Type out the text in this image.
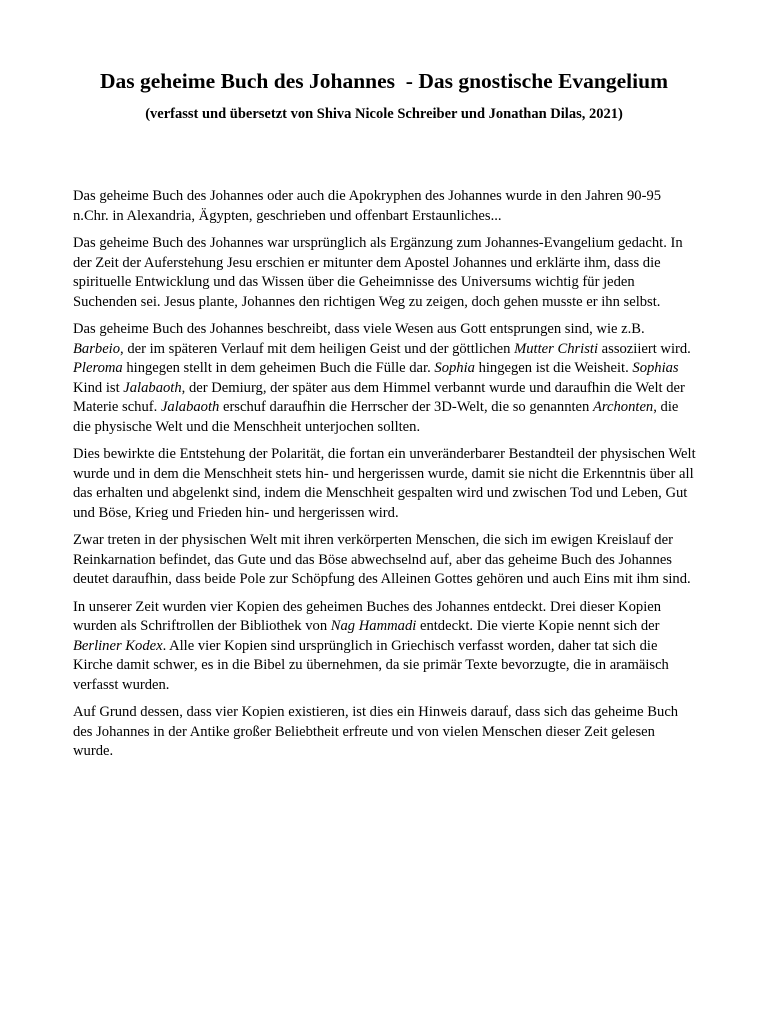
Das geheime Buch des Johannes  - Das gnostische Evangelium

(verfasst und übersetzt von Shiva Nicole Schreiber und Jonathan Dilas, 2021)

Das geheime Buch des Johannes oder auch die Apokryphen des Johannes wurde in den Jahren 90-95 n.Chr. in Alexandria, Ägypten, geschrieben und offenbart Erstaunliches...

Das geheime Buch des Johannes war ursprünglich als Ergänzung zum Johannes-Evangelium gedacht. In der Zeit der Auferstehung Jesu erschien er mitunter dem Apostel Johannes und erklärte ihm, dass die spirituelle Entwicklung und das Wissen über die Geheimnisse des Universums wichtig für jeden Suchenden sei. Jesus plante, Johannes den richtigen Weg zu zeigen, doch gehen musste er ihn selbst.

Das geheime Buch des Johannes beschreibt, dass viele Wesen aus Gott entsprungen sind, wie z.B. Barbeio, der im späteren Verlauf mit dem heiligen Geist und der göttlichen Mutter Christi assoziiert wird. Pleroma hingegen stellt in dem geheimen Buch die Fülle dar. Sophia hingegen ist die Weisheit. Sophias Kind ist Jalabaoth, der Demiurg, der später aus dem Himmel verbannt wurde und daraufhin die Welt der Materie schuf. Jalabaoth erschuf daraufhin die Herrscher der 3D-Welt, die so genannten Archonten, die die physische Welt und die Menschheit unterjochen sollten.

Dies bewirkte die Entstehung der Polarität, die fortan ein unveränderbarer Bestandteil der physischen Welt wurde und in dem die Menschheit stets hin- und hergerissen wurde, damit sie nicht die Erkenntnis über all das erhalten und abgelenkt sind, indem die Menschheit gespalten wird und zwischen Tod und Leben, Gut und Böse, Krieg und Frieden hin- und hergerissen wird.

Zwar treten in der physischen Welt mit ihren verkörperten Menschen, die sich im ewigen Kreislauf der Reinkarnation befindet, das Gute und das Böse abwechselnd auf, aber das geheime Buch des Johannes deutet daraufhin, dass beide Pole zur Schöpfung des Alleinen Gottes gehören und auch Eins mit ihm sind.

In unserer Zeit wurden vier Kopien des geheimen Buches des Johannes entdeckt. Drei dieser Kopien wurden als Schriftrollen der Bibliothek von Nag Hammadi entdeckt. Die vierte Kopie nennt sich der Berliner Kodex. Alle vier Kopien sind ursprünglich in Griechisch verfasst worden, daher tat sich die Kirche damit schwer, es in die Bibel zu übernehmen, da sie primär Texte bevorzugte, die in aramäisch verfasst wurden.

Auf Grund dessen, dass vier Kopien existieren, ist dies ein Hinweis darauf, dass sich das geheime Buch des Johannes in der Antike großer Beliebtheit erfreute und von vielen Menschen dieser Zeit gelesen wurde.
